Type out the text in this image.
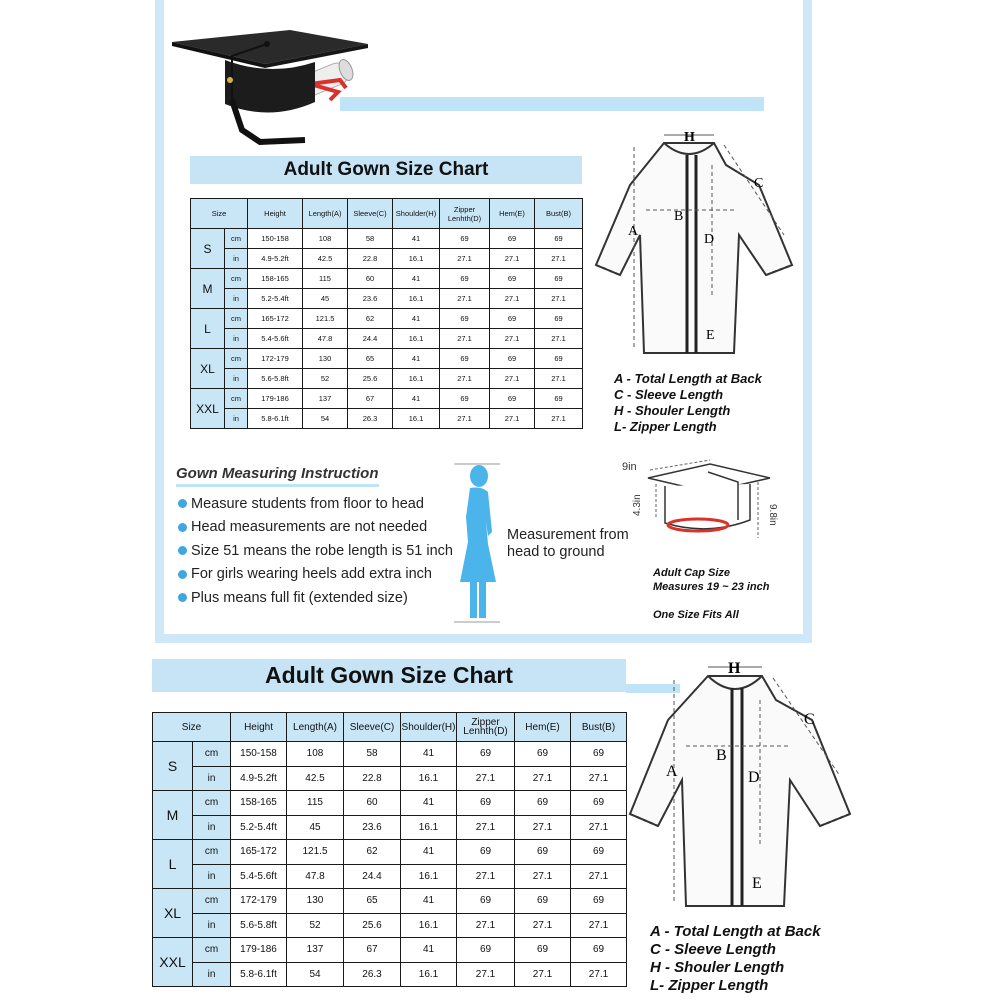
Adult Gown Size Chart
Size		Height	Length(A)	Sleeve(C)	Shoulder(H)	Zipper
Lenhth(D)	Hem(E)	Bust(B)
S	cm	150-158	108	58	41	69	69	69
	in	4.9-5.2ft	42.5	22.8	16.1	27.1	27.1	27.1
M	cm	158-165	115	60	41	69	69	69
	in	5.2-5.4ft	45	23.6	16.1	27.1	27.1	27.1
L	cm	165-172	121.5	62	41	69	69	69
	in	5.4-5.6ft	47.8	24.4	16.1	27.1	27.1	27.1
XL	cm	172-179	130	65	41	69	69	69
	in	5.6-5.8ft	52	25.6	16.1	27.1	27.1	27.1
XXL	cm	179-186	137	67	41	69	69	69
	in	5.8-6.1ft	54	26.3	16.1	27.1	27.1	27.1
H
C
A
B
D
E

A - Total Length at Back

C - Sleeve Length

H - Shouler Length

L- Zipper Length

Gown Measuring Instruction
Measure students from floor to head
Head measurements are not needed
Size 51 means the robe length is 51 inch
For girls wearing heels add extra inch
Plus means full fit (extended size)
Measurement from
head to ground
9in
4.3in	9.8in
Adult Cap Size
Measures 19 ~ 23 inch
One Size Fits All
Adult Gown Size Chart
Size		Height	Length(A)	Sleeve(C)	Shoulder(H)	Zipper
Lenhth(D)	Hem(E)	Bust(B)
S	cm	150-158	108	58	41	69	69	69
	in	4.9-5.2ft	42.5	22.8	16.1	27.1	27.1	27.1
M	cm	158-165	115	60	41	69	69	69
	in	5.2-5.4ft	45	23.6	16.1	27.1	27.1	27.1
L	cm	165-172	121.5	62	41	69	69	69
	in	5.4-5.6ft	47.8	24.4	16.1	27.1	27.1	27.1
XL	cm	172-179	130	65	41	69	69	69
	in	5.6-5.8ft	52	25.6	16.1	27.1	27.1	27.1
XXL	cm	179-186	137	67	41	69	69	69
	in	5.8-6.1ft	54	26.3	16.1	27.1	27.1	27.1
H
C
A
B
D
E

A - Total Length at Back

C - Sleeve Length

H - Shouler Length

L- Zipper Length
